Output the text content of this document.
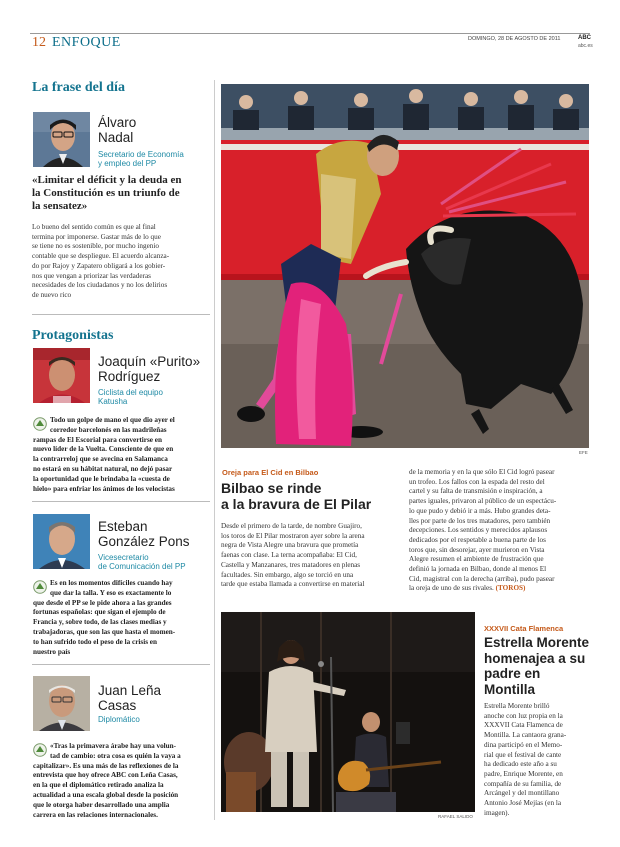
12 ENFOQUE	DOMINGO, 28 DE AGOSTO DE 2011	ABC
abc.es
La frase del día
Álvaro
Nadal
Secretario de Economía
y empleo del PP
«Limitar el déficit y la deuda en
la Constitución es un triunfo de
la sensatez»
Lo bueno del sentido común es que al final
termina por imponerse. Gastar más de lo que
se tiene no es sostenible, por mucho ingenio
contable que se despliegue. El acuerdo alcanza-
do por Rajoy y Zapatero obligará a los gobier-
nos que vengan a priorizar las verdaderas
necesidades de los ciudadanos y no los delirios
de nuevo rico
Protagonistas
Joaquín «Purito»
Rodríguez
Ciclista del equipo
Katusha
Todo un golpe de mano el que dio ayer el
corredor barcelonés en las madrileñas
rampas de El Escorial para convertirse en
nuevo líder de la Vuelta. Consciente de que en
la contrarreloj que se avecina en Salamanca
no estará en su hábitat natural, no dejó pasar
la oportunidad que le brindaba la «cuesta de
hielo» para enfriar los ánimos de los velocistas
Esteban
González Pons
Vicesecretario
de Comunicación del PP
Es en los momentos difíciles cuando hay
que dar la talla. Y eso es exactamente lo
que desde el PP se le pide ahora a las grandes
fortunas españolas: que sigan el ejemplo de
Francia y, sobre todo, de las clases medias y
trabajadoras, que son las que hasta el momen-
to han sufrido todo el peso de la crisis en
nuestro país
Juan Leña
Casas
Diplomático
«Tras la primavera árabe hay una volun-
tad de cambio: otra cosa es quién la vaya a
capitalizar». Es una más de las reflexiones de la
entrevista que hoy ofrece ABC con Leña Casas,
en la que el diplomático retirado analiza la
actualidad a una escala global desde la posición
que le otorga haber desarrollado una amplia
carrera en las relaciones internacionales.
EFE
Oreja para El Cid en Bilbao
Bilbao se rinde
a la bravura de El Pilar
Desde el primero de la tarde, de nombre Guajiro,
los toros de El Pilar mostraron ayer sobre la arena
negra de Vista Alegre una bravura que prometía
faenas con clase. La terna acompañaba: El Cid,
Castella y Manzanares, tres matadores en plenas
facultades. Sin embargo, algo se torció en una
tarde que estaba llamada a convertirse en material
de la memoria y en la que sólo El Cid logró pasear
un trofeo. Los fallos con la espada del resto del
cartel y su falta de transmisión e inspiración, a
partes iguales, privaron al público de un espectácu-
lo que pudo y debió ir a más. Hubo grandes deta-
lles por parte de los tres matadores, pero también
decepciones. Los sentidos y merecidos aplausos
dedicados por el respetable a buena parte de los
toros que, sin desorejar, ayer murieron en Vista
Alegre resumen el ambiente de frustración que
definió la jornada en Bilbao, donde al menos El
Cid, magistral con la derecha (arriba), pudo pasear
la oreja de uno de sus rivales. (TOROS)
RAFAEL SALIDO
XXXVII Cata Flamenca
Estrella Morente
homenajea a su
padre en
Montilla
Estrella Morente brilló
anoche con luz propia en la
XXXVII Cata Flamenca de
Montilla. La cantaora grana-
dina participó en el Memo-
rial que el festival de cante
ha dedicado este año a su
padre, Enrique Morente, en
compañía de su familia, de
Arcángel y del montillano
Antonio José Mejías (en la
imagen).
